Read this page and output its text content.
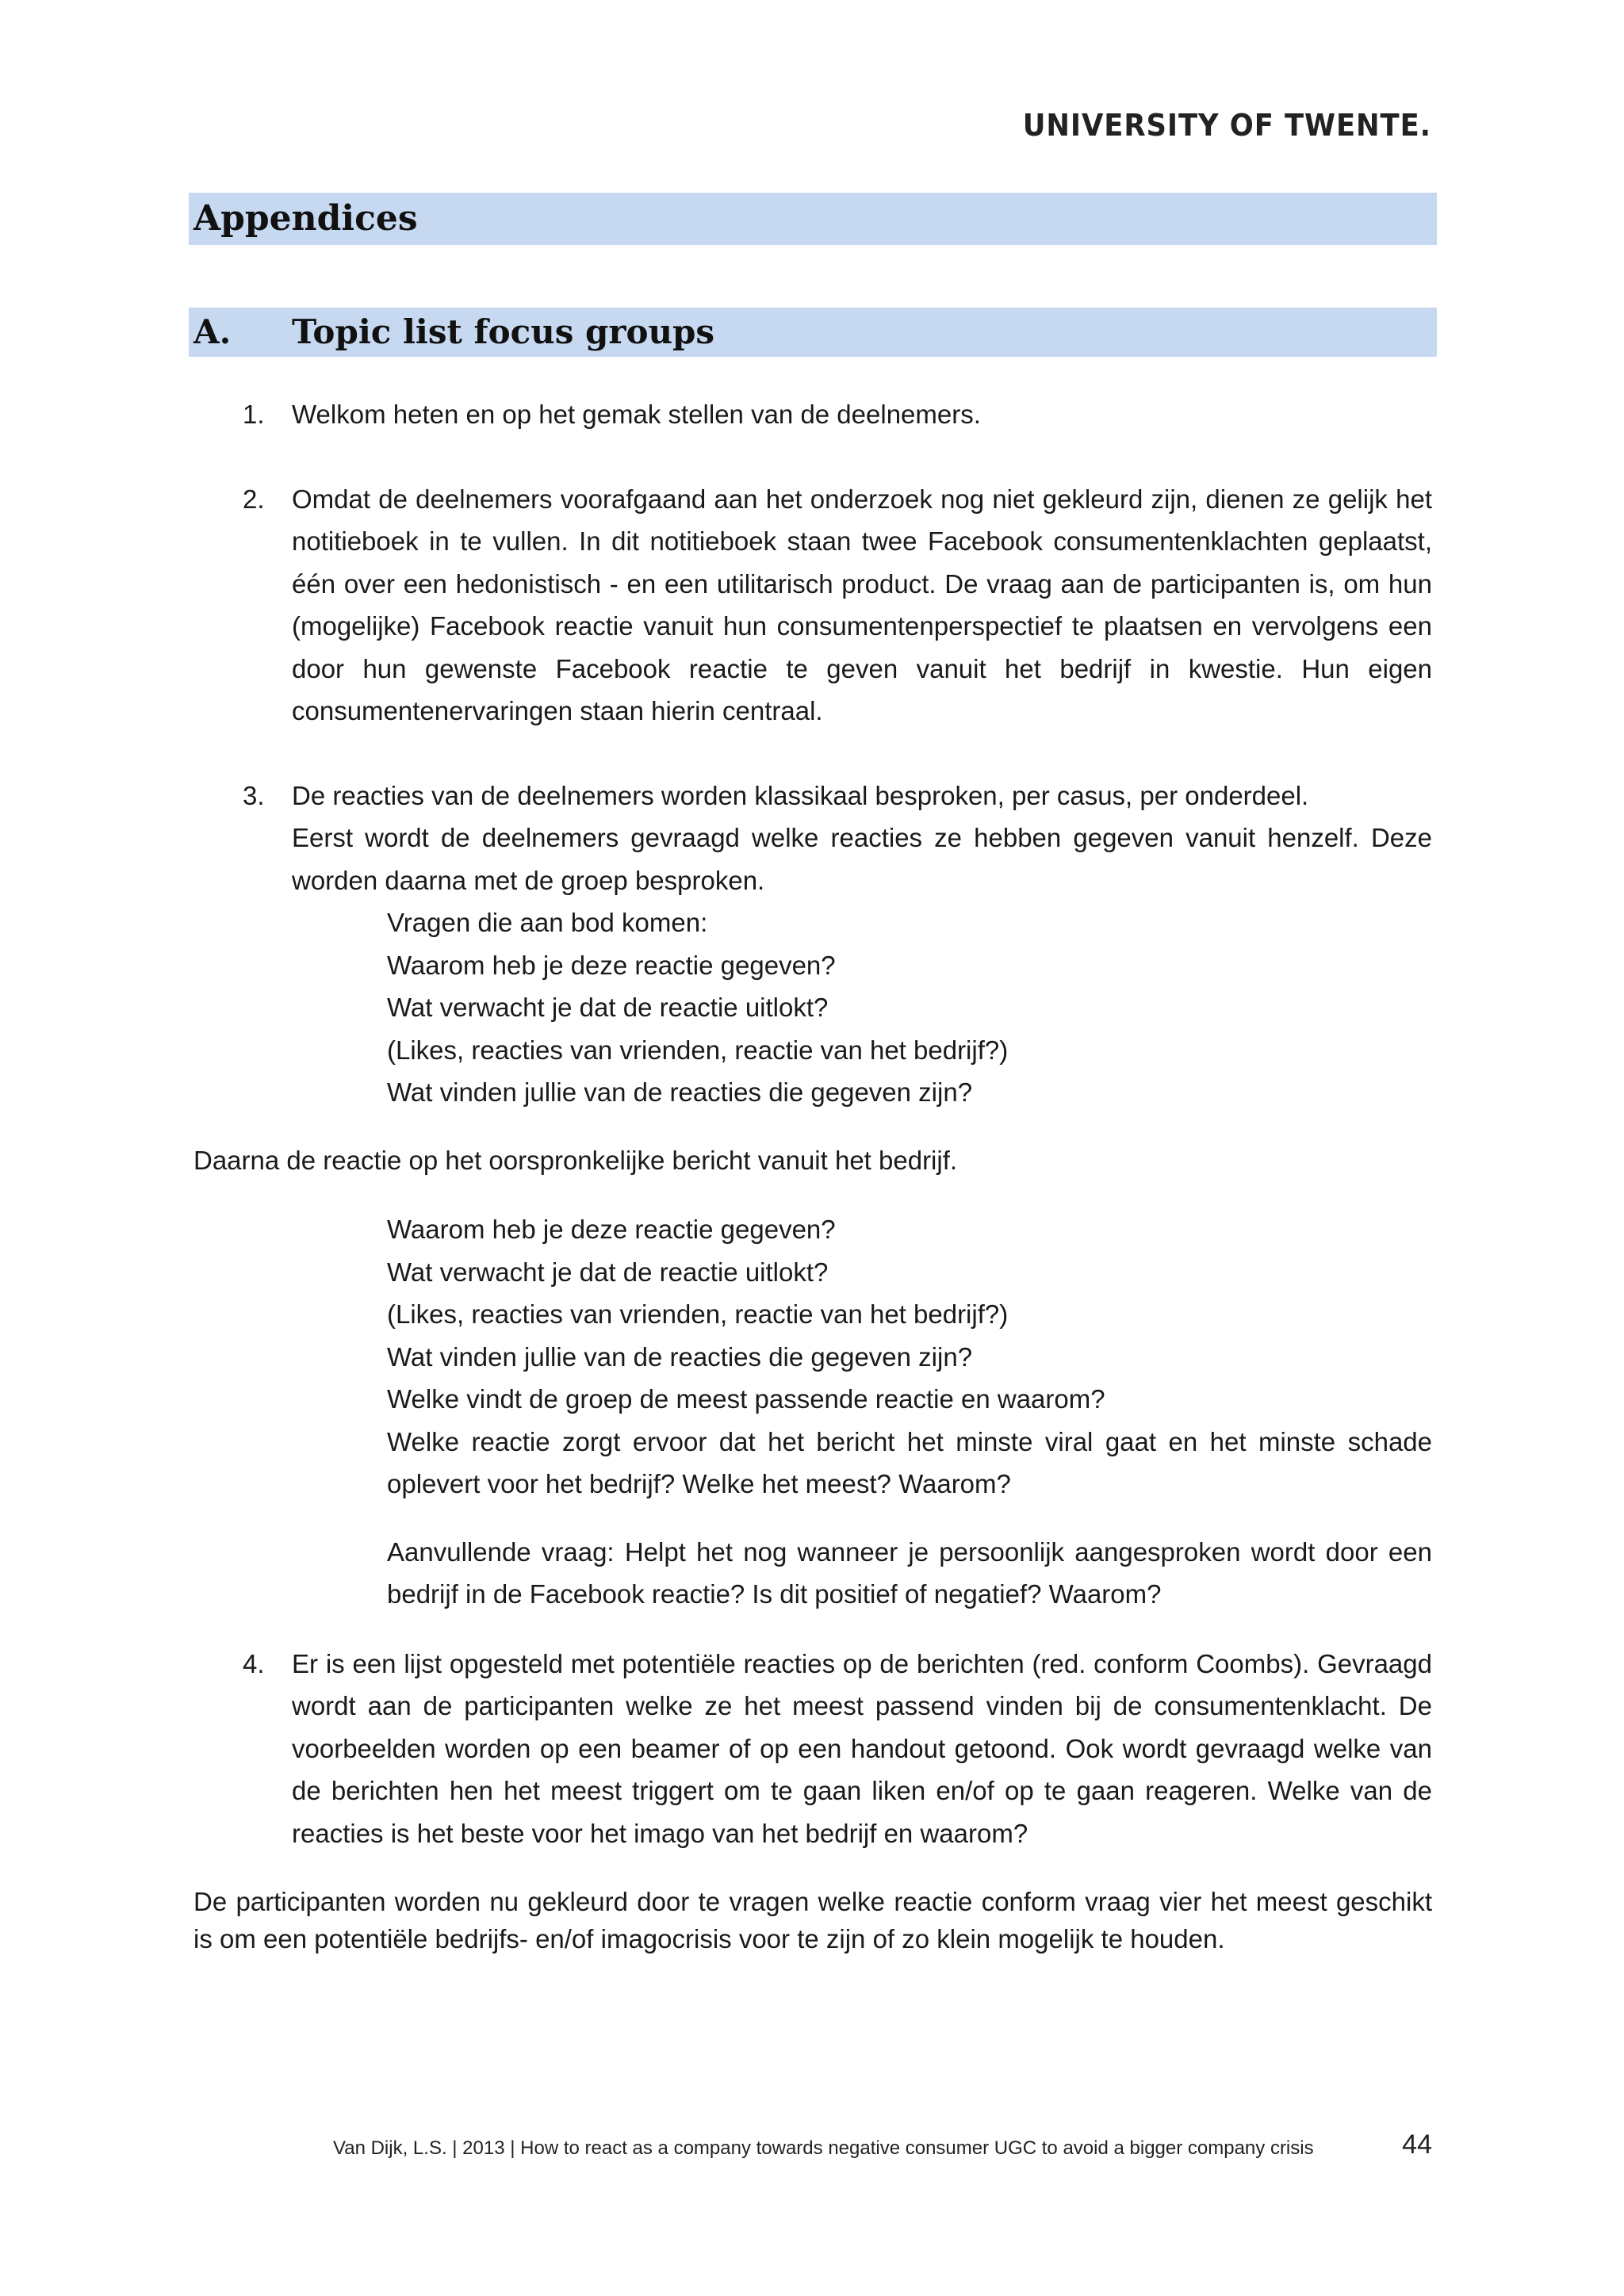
UNIVERSITY OF TWENTE.
Appendices
A. Topic list focus groups
1. Welkom heten en op het gemak stellen van de deelnemers.

2. Omdat de deelnemers voorafgaand aan het onderzoek nog niet gekleurd zijn, dienen ze gelijk het notitieboek in te vullen. In dit notitieboek staan twee Facebook consumentenklachten geplaatst, één over een hedonistisch - en een utilitarisch product. De vraag aan de participanten is, om hun (mogelijke) Facebook reactie vanuit hun consumentenperspectief te plaatsen en vervolgens een door hun gewenste Facebook reactie te geven vanuit het bedrijf in kwestie. Hun eigen consumentenervaringen staan hierin centraal.

3. De reacties van de deelnemers worden klassikaal besproken, per casus, per onderdeel.

Eerst wordt de deelnemers gevraagd welke reacties ze hebben gegeven vanuit henzelf. Deze worden daarna met de groep besproken.

Vragen die aan bod komen:

Waarom heb je deze reactie gegeven?

Wat verwacht je dat de reactie uitlokt?

(Likes, reacties van vrienden, reactie van het bedrijf?)

Wat vinden jullie van de reacties die gegeven zijn?

Daarna de reactie op het oorspronkelijke bericht vanuit het bedrijf.

Waarom heb je deze reactie gegeven?

Wat verwacht je dat de reactie uitlokt?

(Likes, reacties van vrienden, reactie van het bedrijf?)

Wat vinden jullie van de reacties die gegeven zijn?

Welke vindt de groep de meest passende reactie en waarom?

Welke reactie zorgt ervoor dat het bericht het minste viral gaat en het minste schade oplevert voor het bedrijf? Welke het meest? Waarom?

Aanvullende vraag: Helpt het nog wanneer je persoonlijk aangesproken wordt door een bedrijf in de Facebook reactie? Is dit positief of negatief? Waarom?

4. Er is een lijst opgesteld met potentiële reacties op de berichten (red. conform Coombs). Gevraagd wordt aan de participanten welke ze het meest passend vinden bij de consumentenklacht. De voorbeelden worden op een beamer of op een handout getoond. Ook wordt gevraagd welke van de berichten hen het meest triggert om te gaan liken en/of op te gaan reageren. Welke van de reacties is het beste voor het imago van het bedrijf en waarom?

De participanten worden nu gekleurd door te vragen welke reactie conform vraag vier het meest geschikt is om een potentiële bedrijfs- en/of imagocrisis voor te zijn of zo klein mogelijk te houden.

Van Dijk, L.S. | 2013 | How to react as a company towards negative consumer UGC to avoid a bigger company crisis	44
